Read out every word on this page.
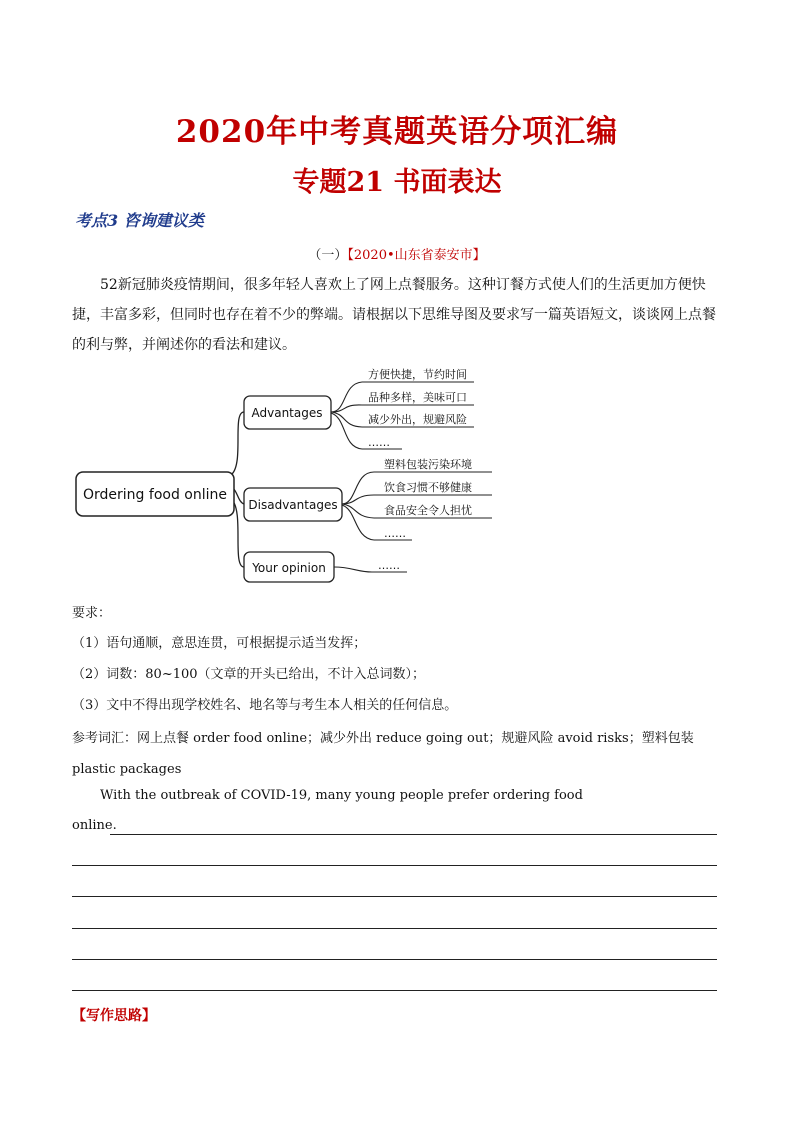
2020年中考真题英语分项汇编
专题21 书面表达
考点3 咨询建议类
（一）【2020•山东省泰安市】
52新冠肺炎疫情期间，很多年轻人喜欢上了网上点餐服务。这种订餐方式使人们的生活更加方便快捷，丰富多彩，但同时也存在着不少的弊端。请根据以下思维导图及要求写一篇英语短文，谈谈网上点餐的利与弊，并阐述你的看法和建议。
Ordering food online
Advantages
方便快捷，节约时间
品种多样，美味可口
减少外出，规避风险
……
Disadvantages
塑料包装污染环境
饮食习惯不够健康
食品安全令人担忧
……
Your opinion	……
要求：
（1）语句通顺，意思连贯，可根据提示适当发挥；
（2）词数：80~100（文章的开头已给出，不计入总词数）；
（3）文中不得出现学校姓名、地名等与考生本人相关的任何信息。
参考词汇：网上点餐 order food online；减少外出 reduce going out；规避风险 avoid risks；塑料包装 plastic packages
With the outbreak of COVID-19, many young people prefer ordering food
online.
【写作思路】
